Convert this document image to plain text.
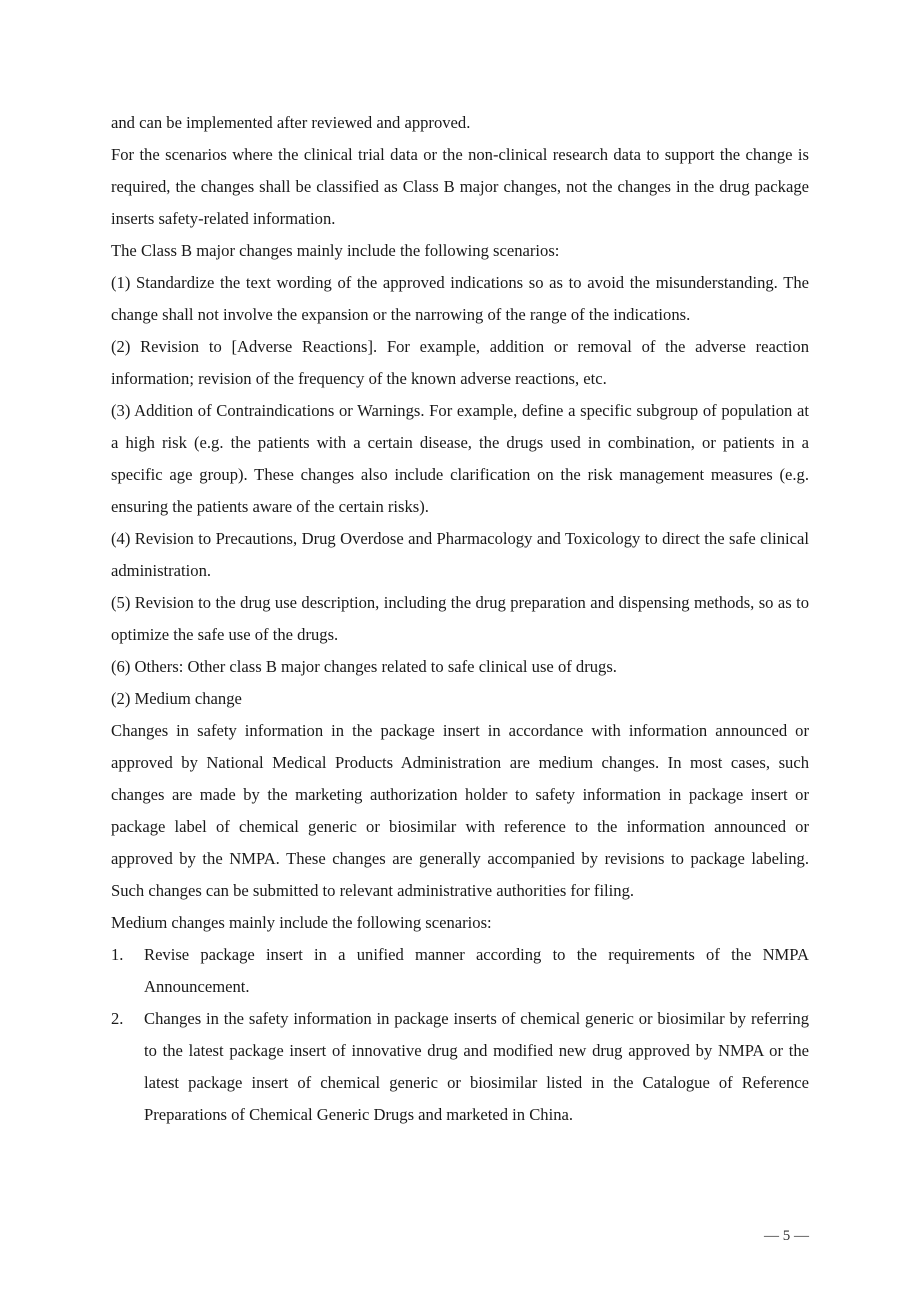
and can be implemented after reviewed and approved.

For the scenarios where the clinical trial data or the non-clinical research data to support the change is required, the changes shall be classified as Class B major changes, not the changes in the drug package inserts safety-related information.

The Class B major changes mainly include the following scenarios:

(1) Standardize the text wording of the approved indications so as to avoid the misunderstanding. The change shall not involve the expansion or the narrowing of the range of the indications.

(2) Revision to [Adverse Reactions]. For example, addition or removal of the adverse reaction information; revision of the frequency of the known adverse reactions, etc.

(3) Addition of Contraindications or Warnings. For example, define a specific subgroup of population at a high risk (e.g. the patients with a certain disease, the drugs used in combination, or patients in a specific age group). These changes also include clarification on the risk management measures (e.g. ensuring the patients aware of the certain risks).

(4) Revision to Precautions, Drug Overdose and Pharmacology and Toxicology to direct the safe clinical administration.

(5) Revision to the drug use description, including the drug preparation and dispensing methods, so as to optimize the safe use of the drugs.

(6) Others: Other class B major changes related to safe clinical use of drugs.

(2) Medium change

Changes in safety information in the package insert in accordance with information announced or approved by National Medical Products Administration are medium changes. In most cases, such changes are made by the marketing authorization holder to safety information in package insert or package label of chemical generic or biosimilar with reference to the information announced or approved by the NMPA. These changes are generally accompanied by revisions to package labeling. Such changes can be submitted to relevant administrative authorities for filing.

Medium changes mainly include the following scenarios:

1. Revise package insert in a unified manner according to the requirements of the NMPA Announcement.
2. Changes in the safety information in package inserts of chemical generic or biosimilar by referring to the latest package insert of innovative drug and modified new drug approved by NMPA or the latest package insert of chemical generic or biosimilar listed in the Catalogue of Reference Preparations of Chemical Generic Drugs and marketed in China.
— 5 —
